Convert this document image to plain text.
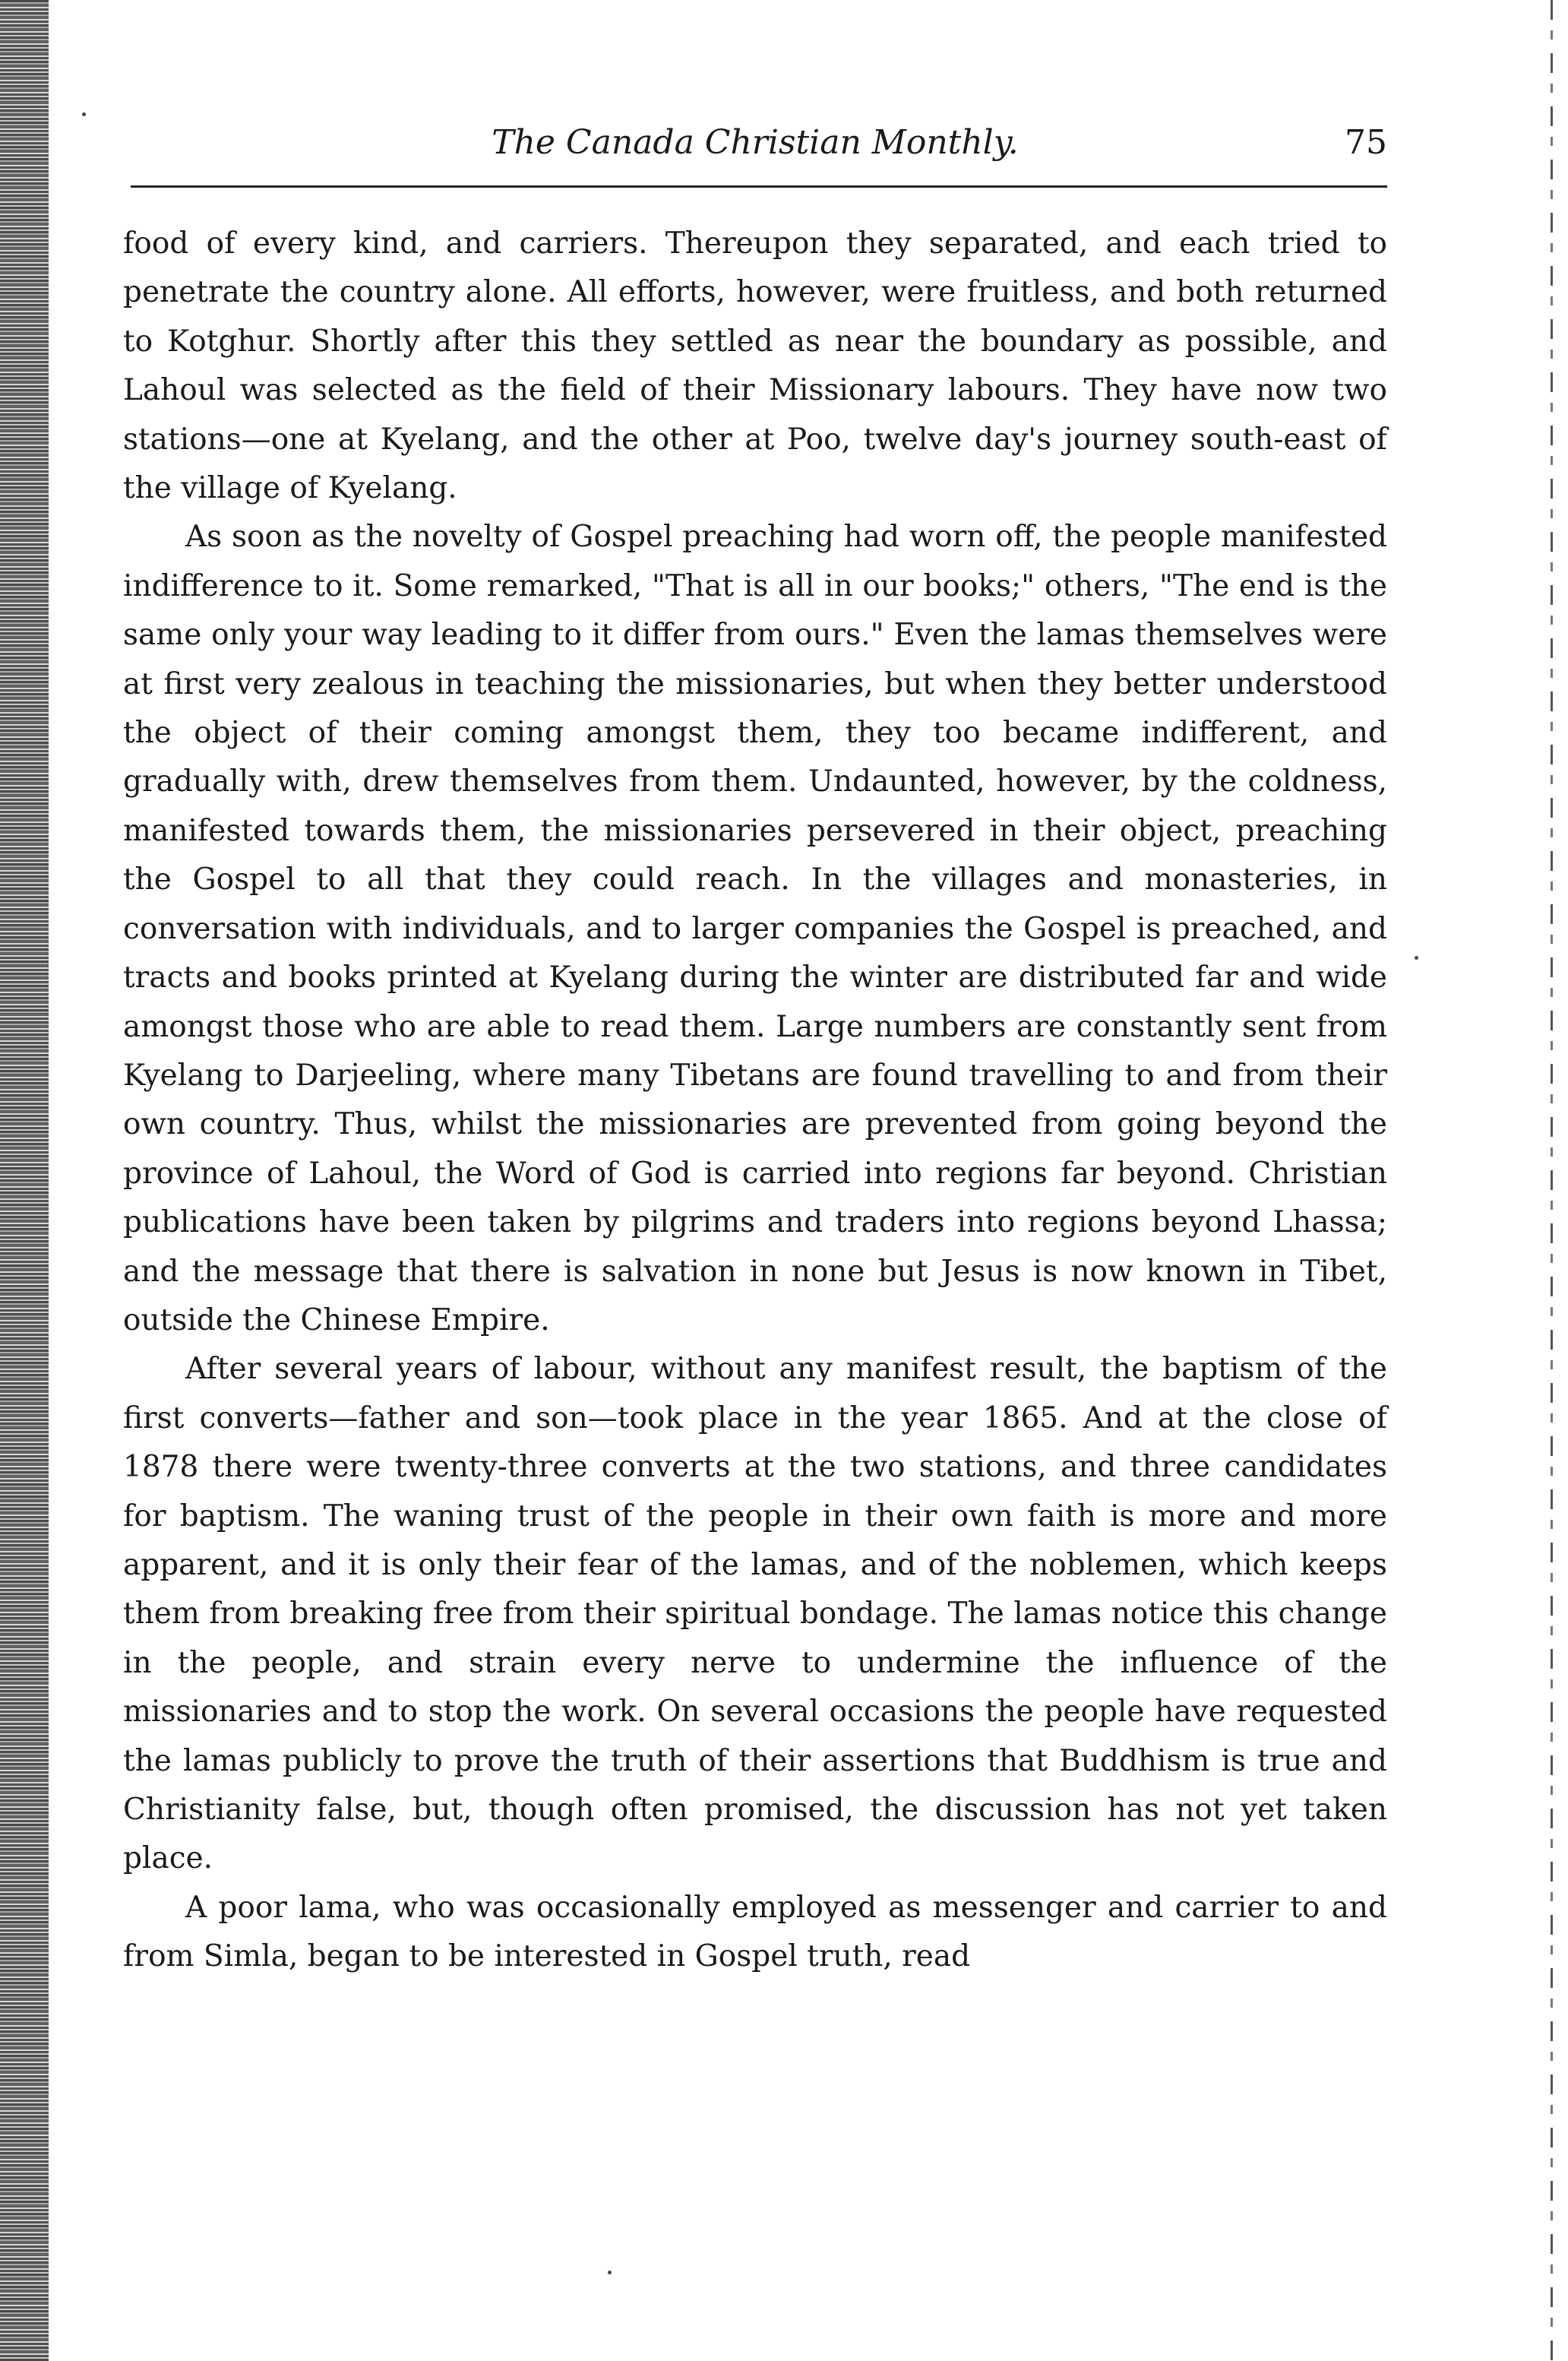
The Canada Christian Monthly.	75

food of every kind, and carriers. Thereupon they separated, and each tried to penetrate the country alone. All efforts, however, were fruitless, and both returned to Kotghur. Shortly after this they settled as near the boundary as possible, and Lahoul was selected as the field of their Missionary labours. They have now two stations—one at Kyelang, and the other at Poo, twelve day's journey south-east of the village of Kyelang.

As soon as the novelty of Gospel preaching had worn off, the people manifested indifference to it. Some remarked, "That is all in our books;" others, "The end is the same only your way leading to it differ from ours." Even the lamas themselves were at first very zealous in teaching the missionaries, but when they better understood the object of their coming amongst them, they too became indifferent, and gradually with, drew themselves from them. Undaunted, however, by the coldness, manifested towards them, the missionaries persevered in their object, preaching the Gospel to all that they could reach. In the villages and monasteries, in conversation with individuals, and to larger companies the Gospel is preached, and tracts and books printed at Kyelang during the winter are distributed far and wide amongst those who are able to read them. Large numbers are constantly sent from Kyelang to Darjeeling, where many Tibetans are found travelling to and from their own country. Thus, whilst the missionaries are prevented from going beyond the province of Lahoul, the Word of God is carried into regions far beyond. Christian publications have been taken by pilgrims and traders into regions beyond Lhassa; and the message that there is salvation in none but Jesus is now known in Tibet, outside the Chinese Empire.

After several years of labour, without any manifest result, the baptism of the first converts—father and son—took place in the year 1865. And at the close of 1878 there were twenty-three converts at the two stations, and three candidates for baptism. The waning trust of the people in their own faith is more and more apparent, and it is only their fear of the lamas, and of the noblemen, which keeps them from breaking free from their spiritual bondage. The lamas notice this change in the people, and strain every nerve to undermine the influence of the missionaries and to stop the work. On several occasions the people have requested the lamas publicly to prove the truth of their assertions that Buddhism is true and Christianity false, but, though often promised, the discussion has not yet taken place.

A poor lama, who was occasionally employed as messenger and carrier to and from Simla, began to be interested in Gospel truth, read
